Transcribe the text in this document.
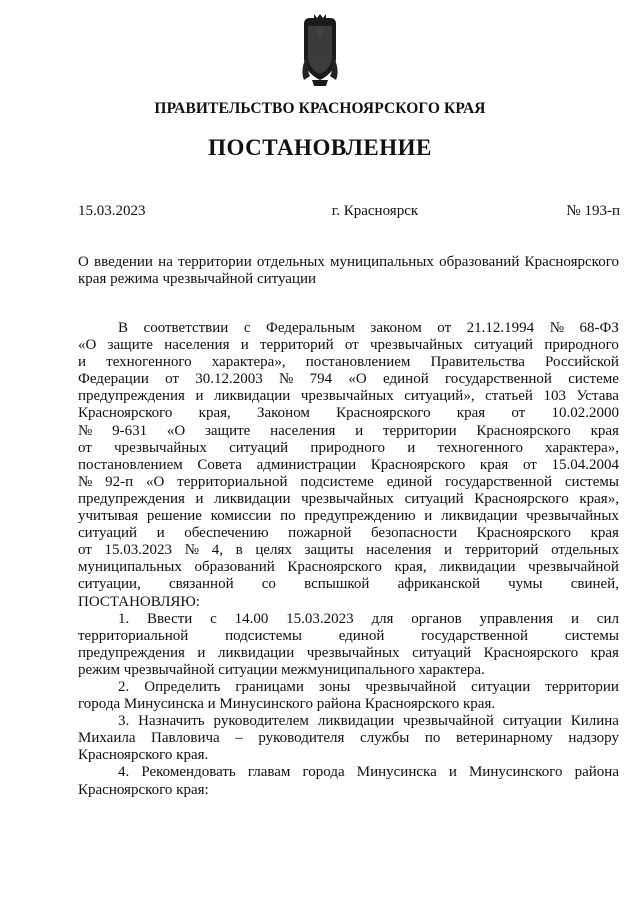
ПРАВИТЕЛЬСТВО КРАСНОЯРСКОГО КРАЯ
ПОСТАНОВЛЕНИЕ
15.03.2023	г. Красноярск	№ 193-п
О введении на территории отдельных муниципальных образований Красноярского края режима чрезвычайной ситуации
В соответствии с Федеральным законом от 21.12.1994 № 68-ФЗ
«О защите населения и территорий от чрезвычайных ситуаций природного
и техногенного характера», постановлением Правительства Российской
Федерации от 30.12.2003 № 794 «О единой государственной системе
предупреждения и ликвидации чрезвычайных ситуаций», статьей 103 Устава
Красноярского края, Законом Красноярского края от 10.02.2000
№ 9-631 «О защите населения и территории Красноярского края
от чрезвычайных ситуаций природного и техногенного характера»,
постановлением Совета администрации Красноярского края от 15.04.2004
№ 92-п «О территориальной подсистеме единой государственной системы
предупреждения и ликвидации чрезвычайных ситуаций Красноярского края»,
учитывая решение комиссии по предупреждению и ликвидации чрезвычайных
ситуаций и обеспечению пожарной безопасности Красноярского края
от 15.03.2023 № 4, в целях защиты населения и территорий отдельных
муниципальных образований Красноярского края, ликвидации чрезвычайной
ситуации, связанной со вспышкой африканской чумы свиней,
ПОСТАНОВЛЯЮ:
1. Ввести с 14.00 15.03.2023 для органов управления и сил
территориальной подсистемы единой государственной системы
предупреждения и ликвидации чрезвычайных ситуаций Красноярского края
режим чрезвычайной ситуации межмуниципального характера.
2. Определить границами зоны чрезвычайной ситуации территории
города Минусинска и Минусинского района Красноярского края.
3. Назначить руководителем ликвидации чрезвычайной ситуации Килина
Михаила Павловича – руководителя службы по ветеринарному надзору
Красноярского края.
4. Рекомендовать главам города Минусинска и Минусинского района
Красноярского края:
